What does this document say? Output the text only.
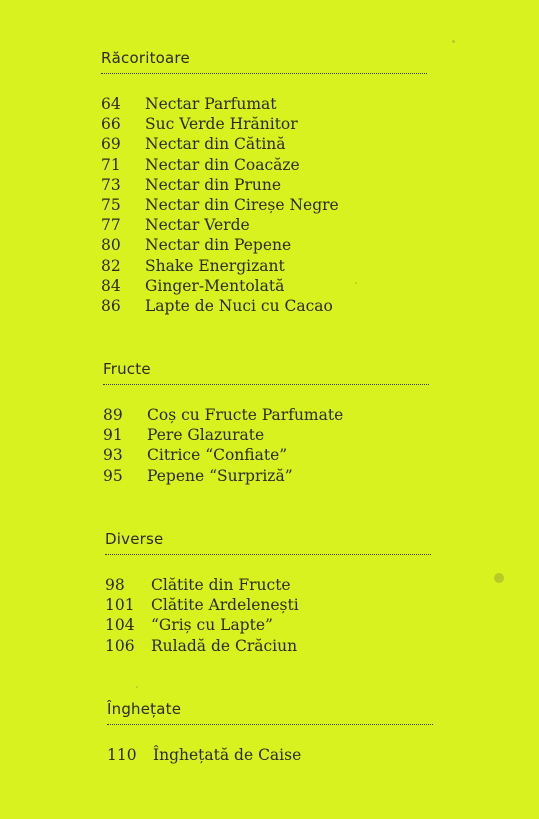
Răcoritoare
64	Nectar Parfumat
66	Suc Verde Hrănitor
69	Nectar din Cătină
71	Nectar din Coacăze
73	Nectar din Prune
75	Nectar din Cireșe Negre
77	Nectar Verde
80	Nectar din Pepene
82	Shake Energizant
84	Ginger-Mentolată
86	Lapte de Nuci cu Cacao
Fructe
89	Coș cu Fructe Parfumate
91	Pere Glazurate
93	Citrice “Confiate”
95	Pepene “Surpriză”
Diverse
98	Clătite din Fructe
101	Clătite Ardelenești
104	“Griș cu Lapte”
106	Ruladă de Crăciun
Înghețate
110	Înghețată de Caise
